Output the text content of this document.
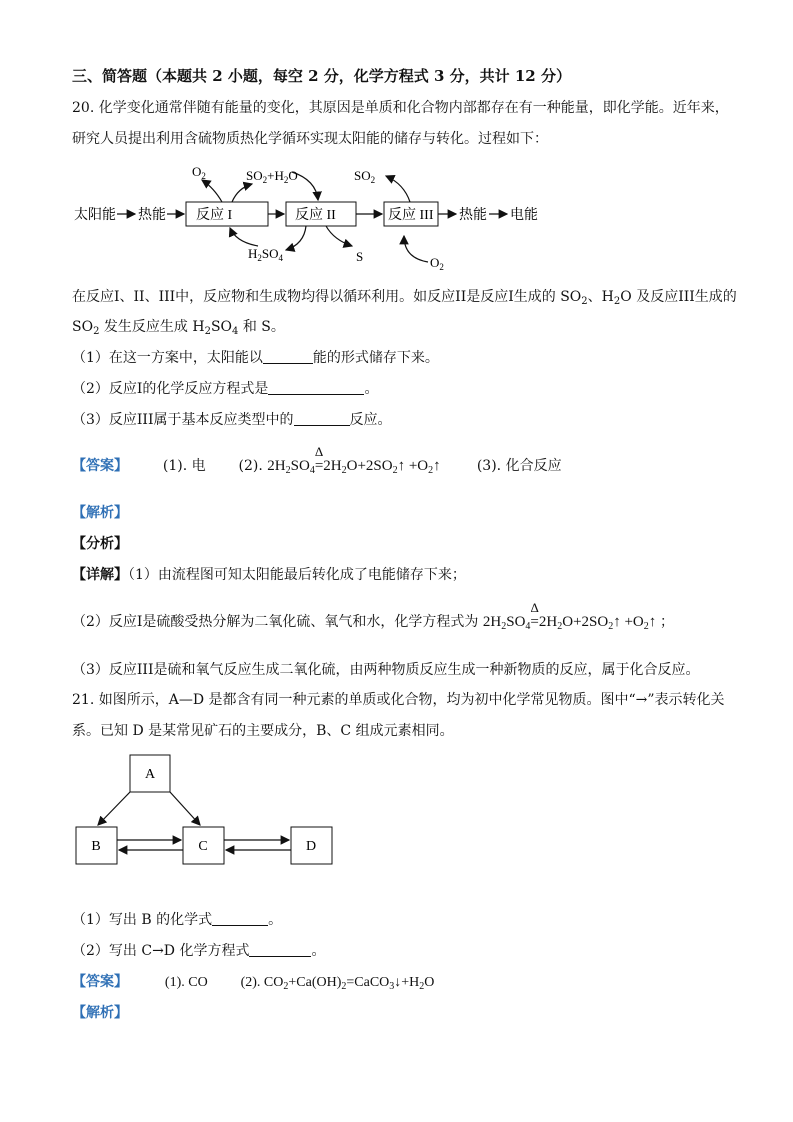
三、简答题（本题共 2 小题，每空 2 分，化学方程式 3 分，共计 12 分）
20. 化学变化通常伴随有能量的变化，其原因是单质和化合物内部都存在有一种能量，即化学能。近年来，
研究人员提出利用含硫物质热化学循环实现太阳能的储存与转化。过程如下：
太阳能 热能 反应 I	反应 II	反应 III 热能 电能
$O_2$	$SO_2+H_2O$	$SO_2$
$H_2SO_4$	S	$O_2$
在反应I、II、III中，反应物和生成物均得以循环利用。如反应II是反应I生成的 $SO_2$、$H_2O$ 及反应III生成的
$SO_2$ 发生反应生成 $H_2SO_4$ 和 S。
（1）在这一方案中，太阳能以	能的形式储存下来。
（2）反应I的化学反应方程式是	。
（3）反应III属于基本反应类型中的	反应。
【答案】 (1). 电 (2). $2H_2SO_4$
Δ
$=2H_2O+2SO_2↑$ $+O_2↑$	(3). 化合反应
【解析】
【分析】
【详解】（1）由流程图可知太阳能最后转化成了电能储存下来；
（2）反应I是硫酸受热分解为二氧化硫、氧气和水，化学方程式为 $2H_2SO_4$
Δ
$=2H_2O+2SO_2↑$ $+O_2↑$ ；
（3）反应III是硫和氧气反应生成二氧化硫，由两种物质反应生成一种新物质的反应，属于化合反应。
21. 如图所示，A—D 是都含有同一种元素的单质或化合物，均为初中化学常见物质。图中“→”表示转化关
系。已知 D 是某常见矿石的主要成分，B、C 组成元素相同。
A
B	C	D
（1）写出 B 的化学式	。
（2）写出 C→D 化学方程式	。
【答案】	(1). CO (2). $CO_2+Ca(OH)_2=CaCO_3↓+H_2O$
【解析】
